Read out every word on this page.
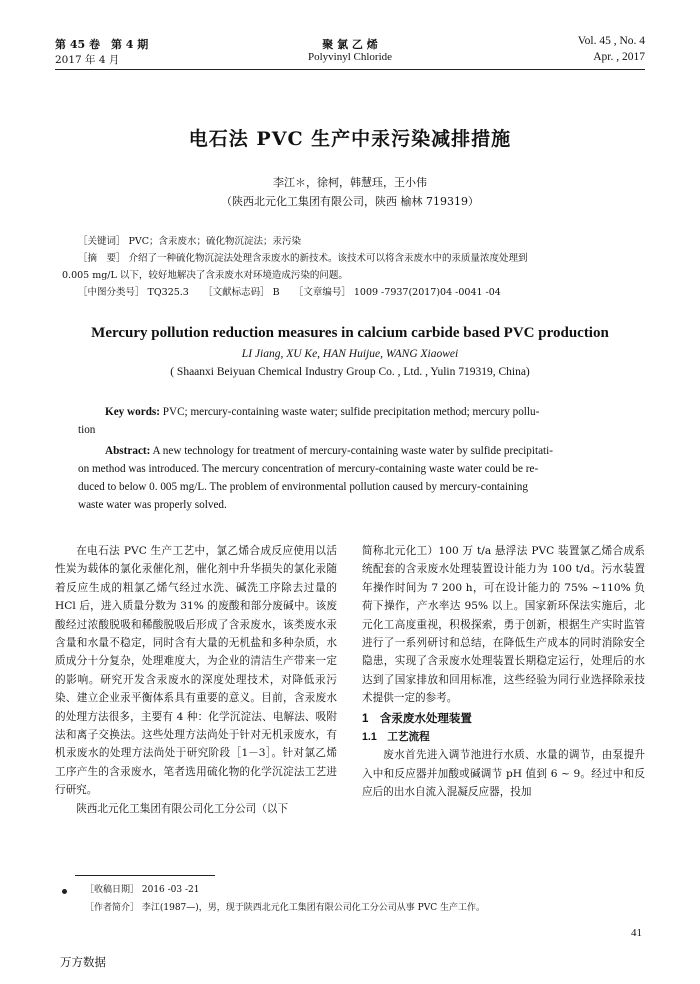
第 45 卷　第 4 期
2017 年 4 月
聚 氯 乙 烯
Polyvinyl Chloride
Vol. 45 , No. 4
Apr. , 2017
电石法 PVC 生产中汞污染减排措施
李江＊，徐柯，韩慧珏，王小伟
（陕西北元化工集团有限公司，陕西 榆林 719319）
［关键词］ PVC；含汞废水；硫化物沉淀法；汞污染
［摘　要］ 介绍了一种硫化物沉淀法处理含汞废水的新技术。该技术可以将含汞废水中的汞质量浓度处理到
0.005 mg/L 以下，较好地解决了含汞废水对环境造成污染的问题。
［中图分类号］ TQ325.3　　［文献标志码］ B　　［文章编号］ 1009 -7937(2017)04 -0041 -04
Mercury pollution reduction measures in calcium carbide based PVC production
LI Jiang, XU Ke, HAN Huijue, WANG Xiaowei
( Shaanxi Beiyuan Chemical Industry Group Co. , Ltd. , Yulin 719319, China)
Key words: PVC; mercury-containing waste water; sulfide precipitation method; mercury pollu-
tion
Abstract: A new technology for treatment of mercury-containing waste water by sulfide precipitati-
on method was introduced. The mercury concentration of mercury-containing waste water could be re-
duced to below 0. 005 mg/L. The problem of environmental pollution caused by mercury-containing
waste water was properly solved.

在电石法 PVC 生产工艺中，氯乙烯合成反应使用以活性炭为载体的氯化汞催化剂，催化剂中升华损失的氯化汞随着反应生成的粗氯乙烯气经过水洗、碱洗工序除去过量的 HCl 后，进入质量分数为 31% 的废酸和部分废碱中。该废酸经过浓酸脱吸和稀酸脱吸后形成了含汞废水，该类废水汞含量和水量不稳定，同时含有大量的无机盐和多种杂质，水质成分十分复杂，处理难度大，为企业的清洁生产带来一定的影响。研究开发含汞废水的深度处理技术，对降低汞污染、建立企业汞平衡体系具有重要的意义。目前，含汞废水的处理方法很多，主要有 4 种：化学沉淀法、电解法、吸附法和离子交换法。这些处理方法尚处于针对无机汞废水，有机汞废水的处理方法尚处于研究阶段［1－3］。针对氯乙烯工序产生的含汞废水，笔者选用硫化物的化学沉淀法工艺进行研究。

陕西北元化工集团有限公司化工分公司（以下

简称北元化工）100 万 t/a 悬浮法 PVC 装置氯乙烯合成系统配套的含汞废水处理装置设计能力为 100 t/d。污水装置年操作时间为 7 200 h，可在设计能力的 75% ~110% 负荷下操作，产水率达 95% 以上。国家新环保法实施后，北元化工高度重视，积极探索，勇于创新，根据生产实时监管进行了一系列研讨和总结，在降低生产成本的同时消除安全隐患，实现了含汞废水处理装置长期稳定运行，处理后的水达到了国家排放和回用标准，这些经验为同行业选择除汞技术提供一定的参考。

1　含汞废水处理装置
1.1　工艺流程

废水首先进入调节池进行水质、水量的调节，由泵提升入中和反应器并加酸或碱调节 pH 值到 6 ~ 9。经过中和反应后的出水自流入混凝反应器，投加

［收稿日期］ 2016 -03 -21
［作者简介］ 李江(1987—)，男，现于陕西北元化工集团有限公司化工分公司从事 PVC 生产工作。
41
万方数据
